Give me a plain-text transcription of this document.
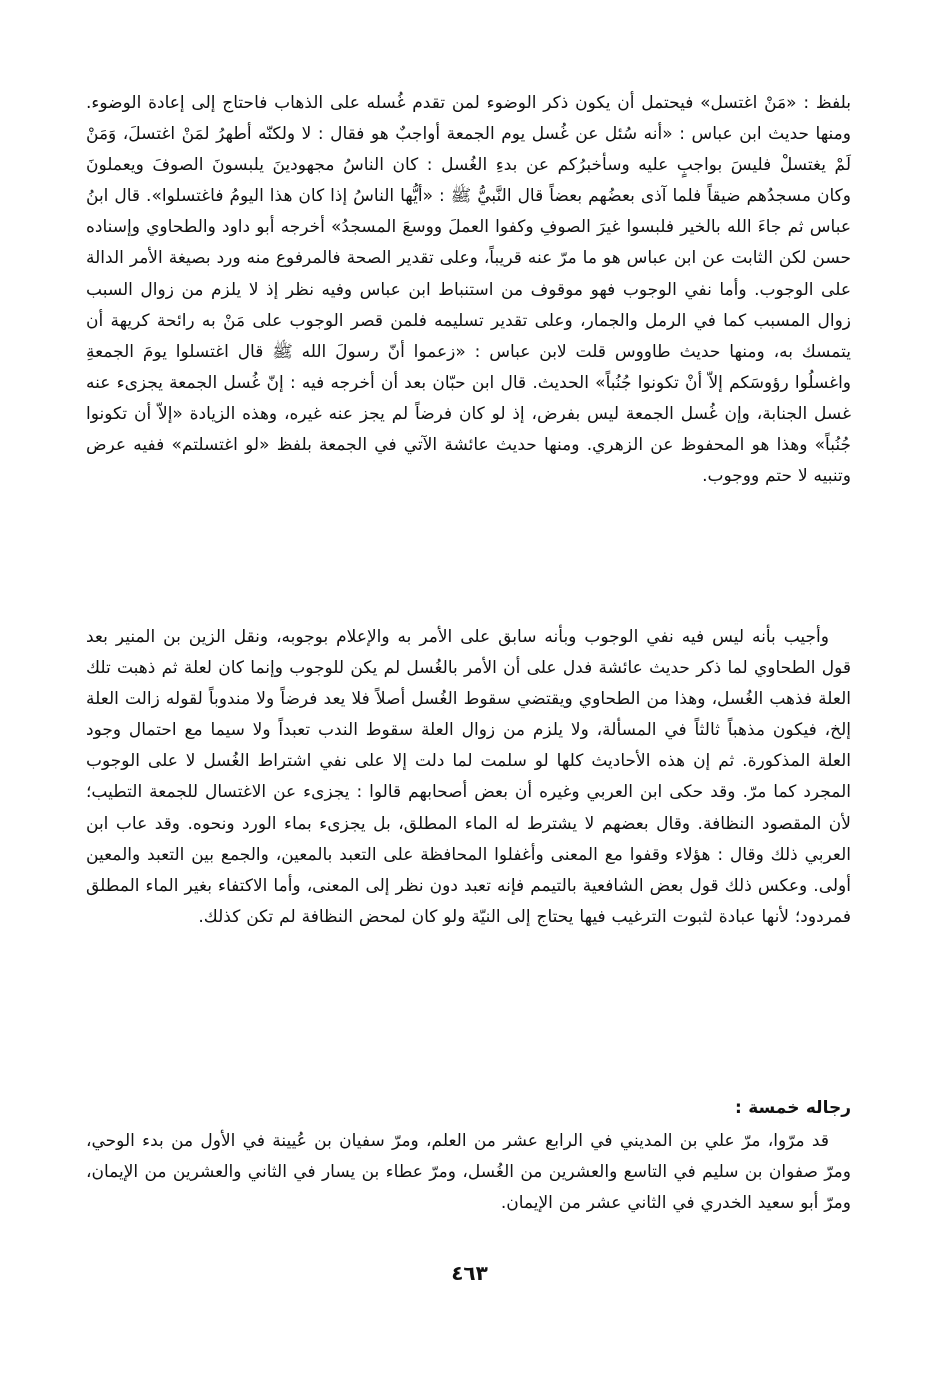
بلفظ : «مَنْ اغتسل» فيحتمل أن يكون ذكر الوضوء لمن تقدم غُسله على الذهاب فاحتاج إلى إعادة الوضوء. ومنها حديث ابن عباس : «أنه سُئل عن غُسل يوم الجمعة أواجبٌ هو فقال : لا ولكنّه أطهرُ لمَنْ اغتسلَ، وَمَنْ لَمْ يغتسلْ فليسَ بواجبٍ عليه وسأخبرُكم عن بدءِ الغُسل : كان الناسُ مجهودينَ يلبسونَ الصوفَ ويعملونَ وكان مسجدُهم ضيقاً فلما آذى بعضُهم بعضاً قال النَّبيُّ ﷺ : «أيُّها الناسُ إذا كان هذا اليومُ فاغتسلوا». قال ابنُ عباس ثم جاءَ الله بالخير فلبسوا غيرَ الصوفِ وكفوا العملَ ووسعَ المسجدُ» أخرجه أبو داود والطحاوي وإسناده حسن لكن الثابت عن ابن عباس هو ما مرّ عنه قريباً، وعلى تقدير الصحة فالمرفوع منه ورد بصيغة الأمر الدالة على الوجوب. وأما نفي الوجوب فهو موقوف من استنباط ابن عباس وفيه نظر إذ لا يلزم من زوال السبب زوال المسبب كما في الرمل والجمار، وعلى تقدير تسليمه فلمن قصر الوجوب على مَنْ به رائحة كريهة أن يتمسك به، ومنها حديث طاووس قلت لابن عباس : «زعموا أنّ رسولَ الله ﷺ قال اغتسلوا يومَ الجمعةِ واغسلُوا رؤوسَكم إلاّ أنْ تكونوا جُنُباً» الحديث. قال ابن حبّان بعد أن أخرجه فيه : إنّ غُسل الجمعة يجزىء عنه غسل الجنابة، وإن غُسل الجمعة ليس بفرض، إذ لو كان فرضاً لم يجز عنه غيره، وهذه الزيادة «إلاّ أن تكونوا جُنُباً» وهذا هو المحفوظ عن الزهري. ومنها حديث عائشة الآتي في الجمعة بلفظ «لو اغتسلتم» ففيه عرض وتنبيه لا حتم ووجوب.

وأجيب بأنه ليس فيه نفي الوجوب وبأنه سابق على الأمر به والإعلام بوجوبه، ونقل الزين بن المنير بعد قول الطحاوي لما ذكر حديث عائشة فدل على أن الأمر بالغُسل لم يكن للوجوب وإنما كان لعلة ثم ذهبت تلك العلة فذهب الغُسل، وهذا من الطحاوي ويقتضي سقوط الغُسل أصلاً فلا يعد فرضاً ولا مندوباً لقوله زالت العلة إلخ، فيكون مذهباً ثالثاً في المسألة، ولا يلزم من زوال العلة سقوط الندب تعبداً ولا سيما مع احتمال وجود العلة المذكورة. ثم إن هذه الأحاديث كلها لو سلمت لما دلت إلا على نفي اشتراط الغُسل لا على الوجوب المجرد كما مرّ. وقد حكى ابن العربي وغيره أن بعض أصحابهم قالوا : يجزىء عن الاغتسال للجمعة التطيب؛ لأن المقصود النظافة. وقال بعضهم لا يشترط له الماء المطلق، بل يجزىء بماء الورد ونحوه. وقد عاب ابن العربي ذلك وقال : هؤلاء وقفوا مع المعنى وأغفلوا المحافظة على التعبد بالمعين، والجمع بين التعبد والمعين أولى. وعكس ذلك قول بعض الشافعية بالتيمم فإنه تعبد دون نظر إلى المعنى، وأما الاكتفاء بغير الماء المطلق فمردود؛ لأنها عبادة لثبوت الترغيب فيها يحتاج إلى النيّة ولو كان لمحض النظافة لم تكن كذلك.

رجاله خمسة :

قد مرّوا، مرّ علي بن المديني في الرابع عشر من العلم، ومرّ سفيان بن عُيينة في الأول من بدء الوحي، ومرّ صفوان بن سليم في التاسع والعشرين من الغُسل، ومرّ عطاء بن يسار في الثاني والعشرين من الإيمان، ومرّ أبو سعيد الخدري في الثاني عشر من الإيمان.

٤٦٣
